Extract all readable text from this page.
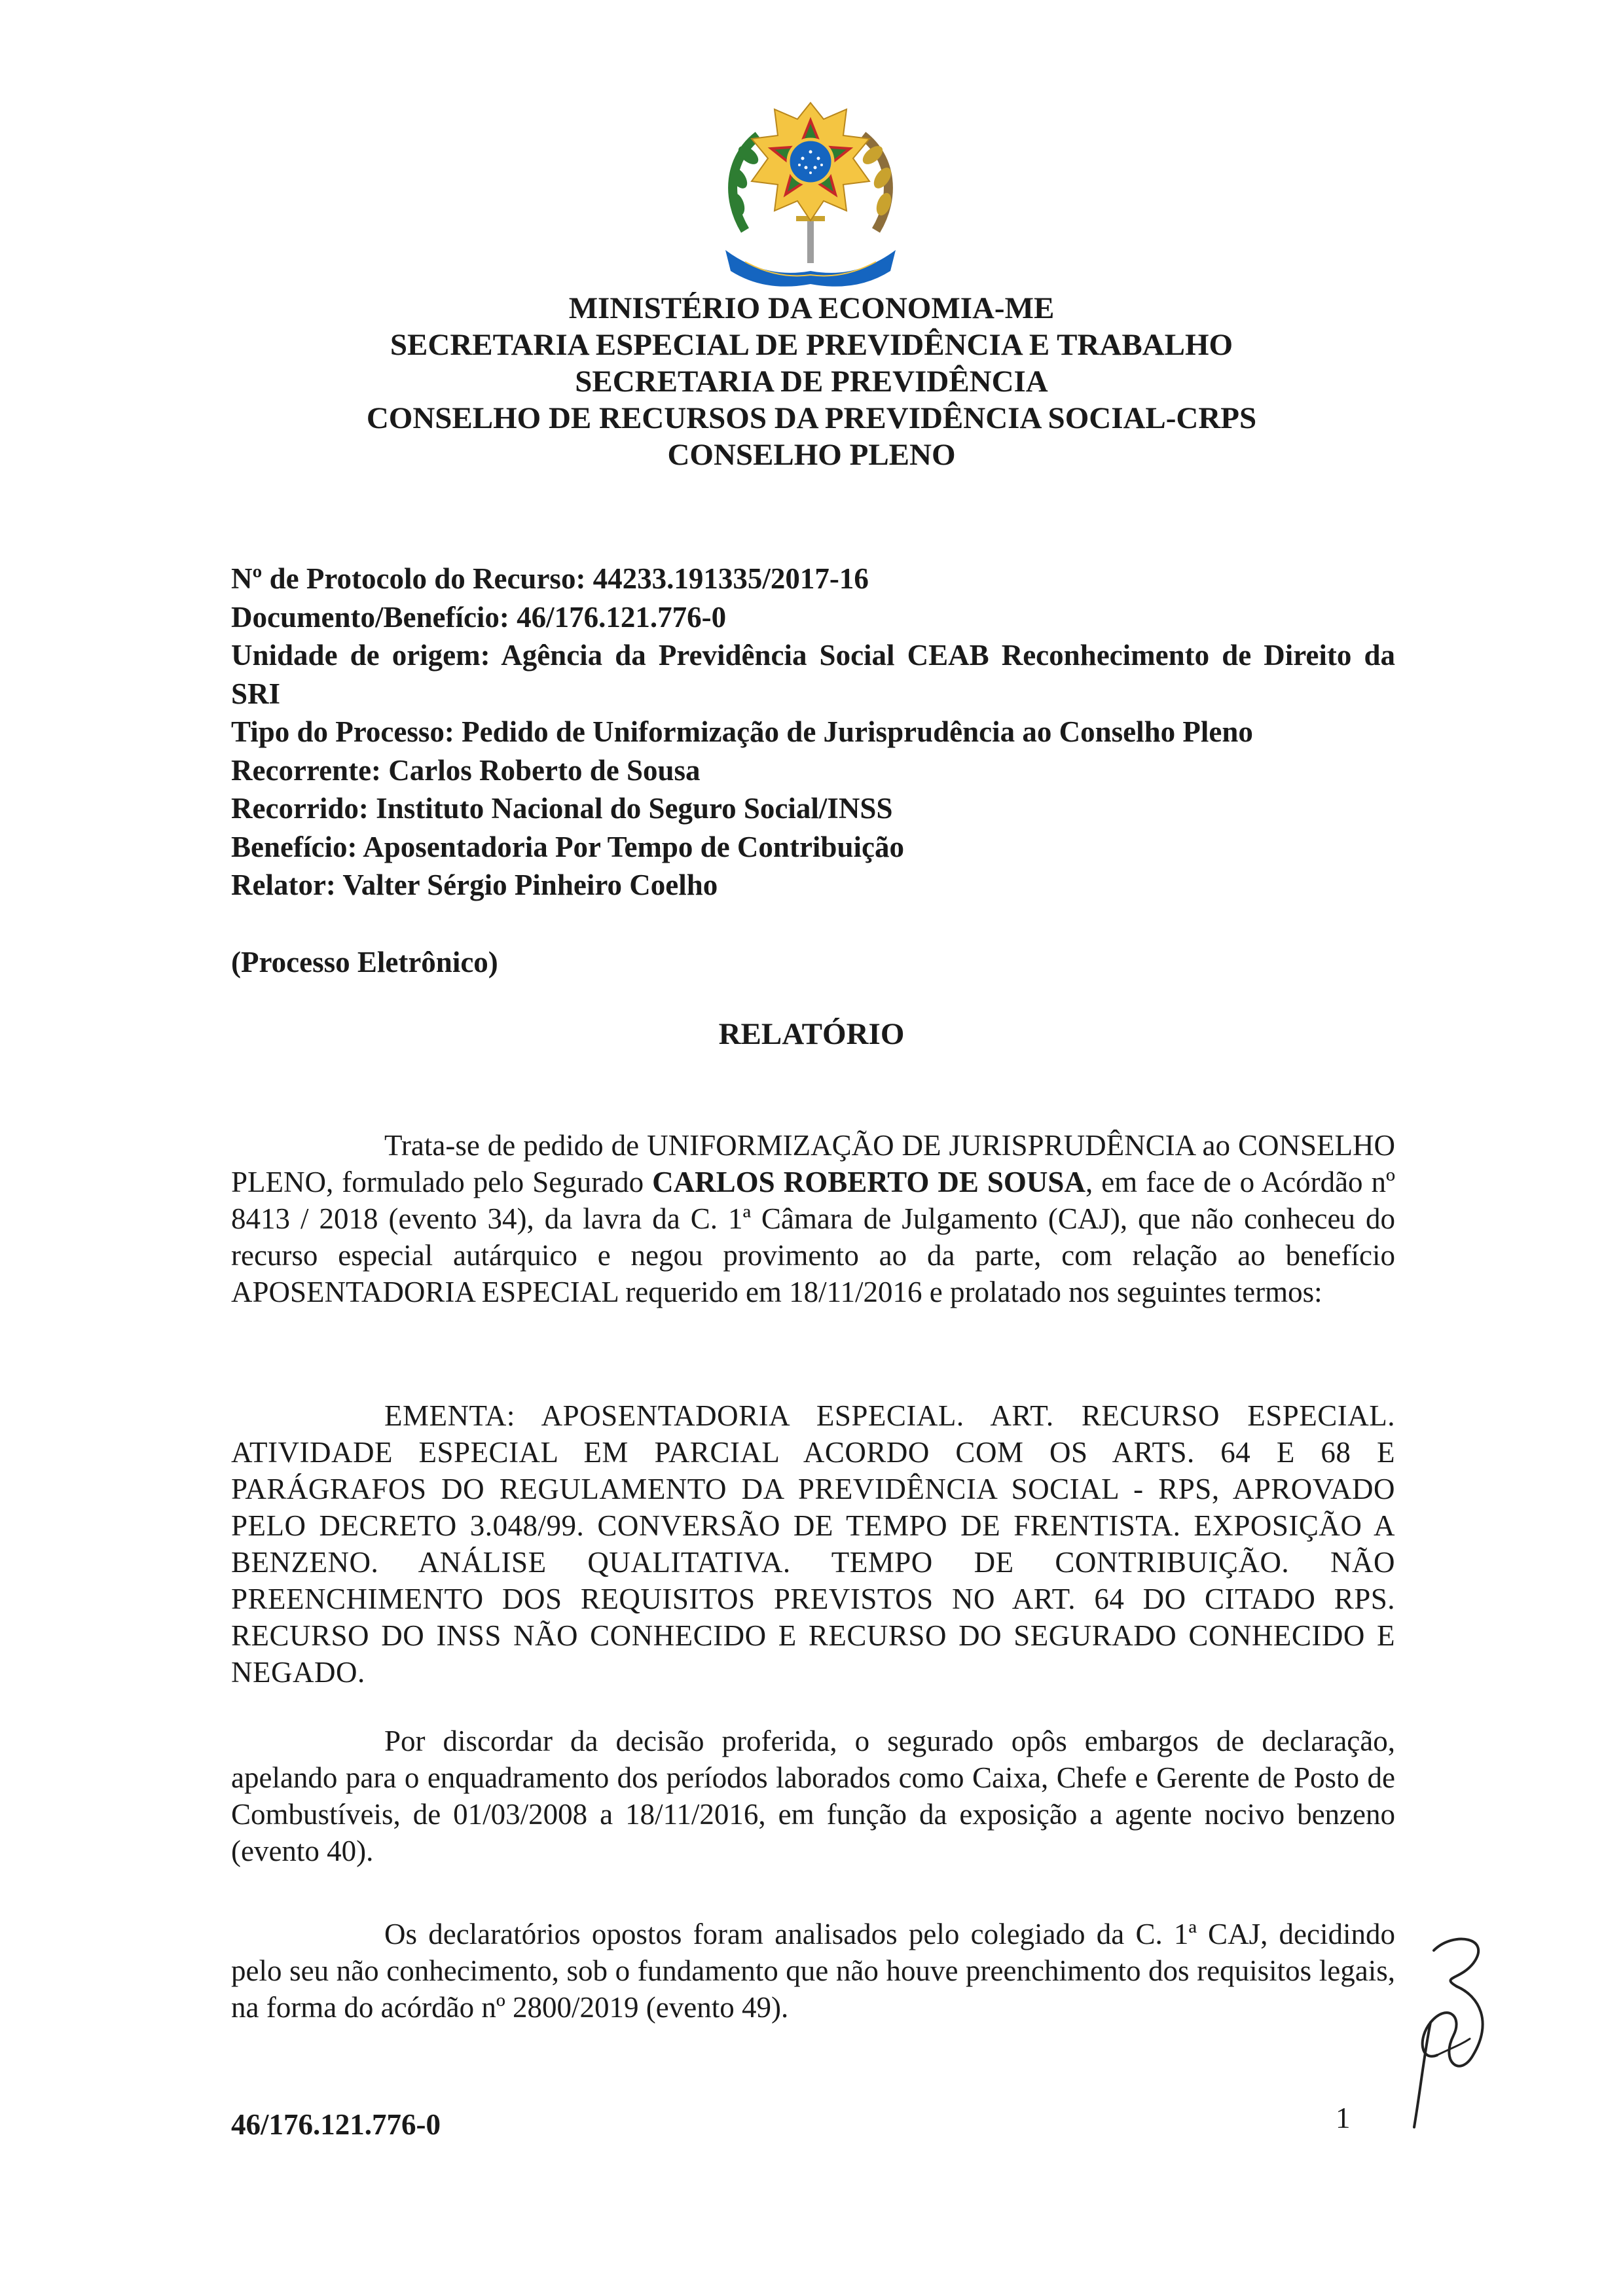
MINISTÉRIO DA ECONOMIA-ME
SECRETARIA ESPECIAL DE PREVIDÊNCIA E TRABALHO
SECRETARIA DE PREVIDÊNCIA
CONSELHO DE RECURSOS DA PREVIDÊNCIA SOCIAL-CRPS
CONSELHO PLENO
Nº de Protocolo do Recurso: 44233.191335/2017-16
Documento/Benefício: 46/176.121.776-0
Unidade de origem: Agência da Previdência Social CEAB Reconhecimento de Direito da SRI
Tipo do Processo: Pedido de Uniformização de Jurisprudência ao Conselho Pleno
Recorrente: Carlos Roberto de Sousa
Recorrido: Instituto Nacional do Seguro Social/INSS
Benefício: Aposentadoria Por Tempo de Contribuição
Relator: Valter Sérgio Pinheiro Coelho
(Processo Eletrônico)
RELATÓRIO
Trata-se de pedido de UNIFORMIZAÇÃO DE JURISPRUDÊNCIA ao CONSELHO PLENO, formulado pelo Segurado CARLOS ROBERTO DE SOUSA, em face de o Acórdão nº 8413 / 2018 (evento 34), da lavra da C. 1ª Câmara de Julgamento (CAJ), que não conheceu do recurso especial autárquico e negou provimento ao da parte, com relação ao benefício APOSENTADORIA ESPECIAL requerido em 18/11/2016 e prolatado nos seguintes termos:
EMENTA: APOSENTADORIA ESPECIAL. ART. RECURSO ESPECIAL. ATIVIDADE ESPECIAL EM PARCIAL ACORDO COM OS ARTS. 64 E 68 E PARÁGRAFOS DO REGULAMENTO DA PREVIDÊNCIA SOCIAL - RPS, APROVADO PELO DECRETO 3.048/99. CONVERSÃO DE TEMPO DE FRENTISTA. EXPOSIÇÃO A BENZENO. ANÁLISE QUALITATIVA. TEMPO DE CONTRIBUIÇÃO. NÃO PREENCHIMENTO DOS REQUISITOS PREVISTOS NO ART. 64 DO CITADO RPS. RECURSO DO INSS NÃO CONHECIDO E RECURSO DO SEGURADO CONHECIDO E NEGADO.
Por discordar da decisão proferida, o segurado opôs embargos de declaração, apelando para o enquadramento dos períodos laborados como Caixa, Chefe e Gerente de Posto de Combustíveis, de 01/03/2008 a 18/11/2016, em função da exposição a agente nocivo benzeno (evento 40).
Os declaratórios opostos foram analisados pelo colegiado da C. 1ª CAJ, decidindo pelo seu não conhecimento, sob o fundamento que não houve preenchimento dos requisitos legais, na forma do acórdão nº 2800/2019 (evento 49).
46/176.121.776-0	1
